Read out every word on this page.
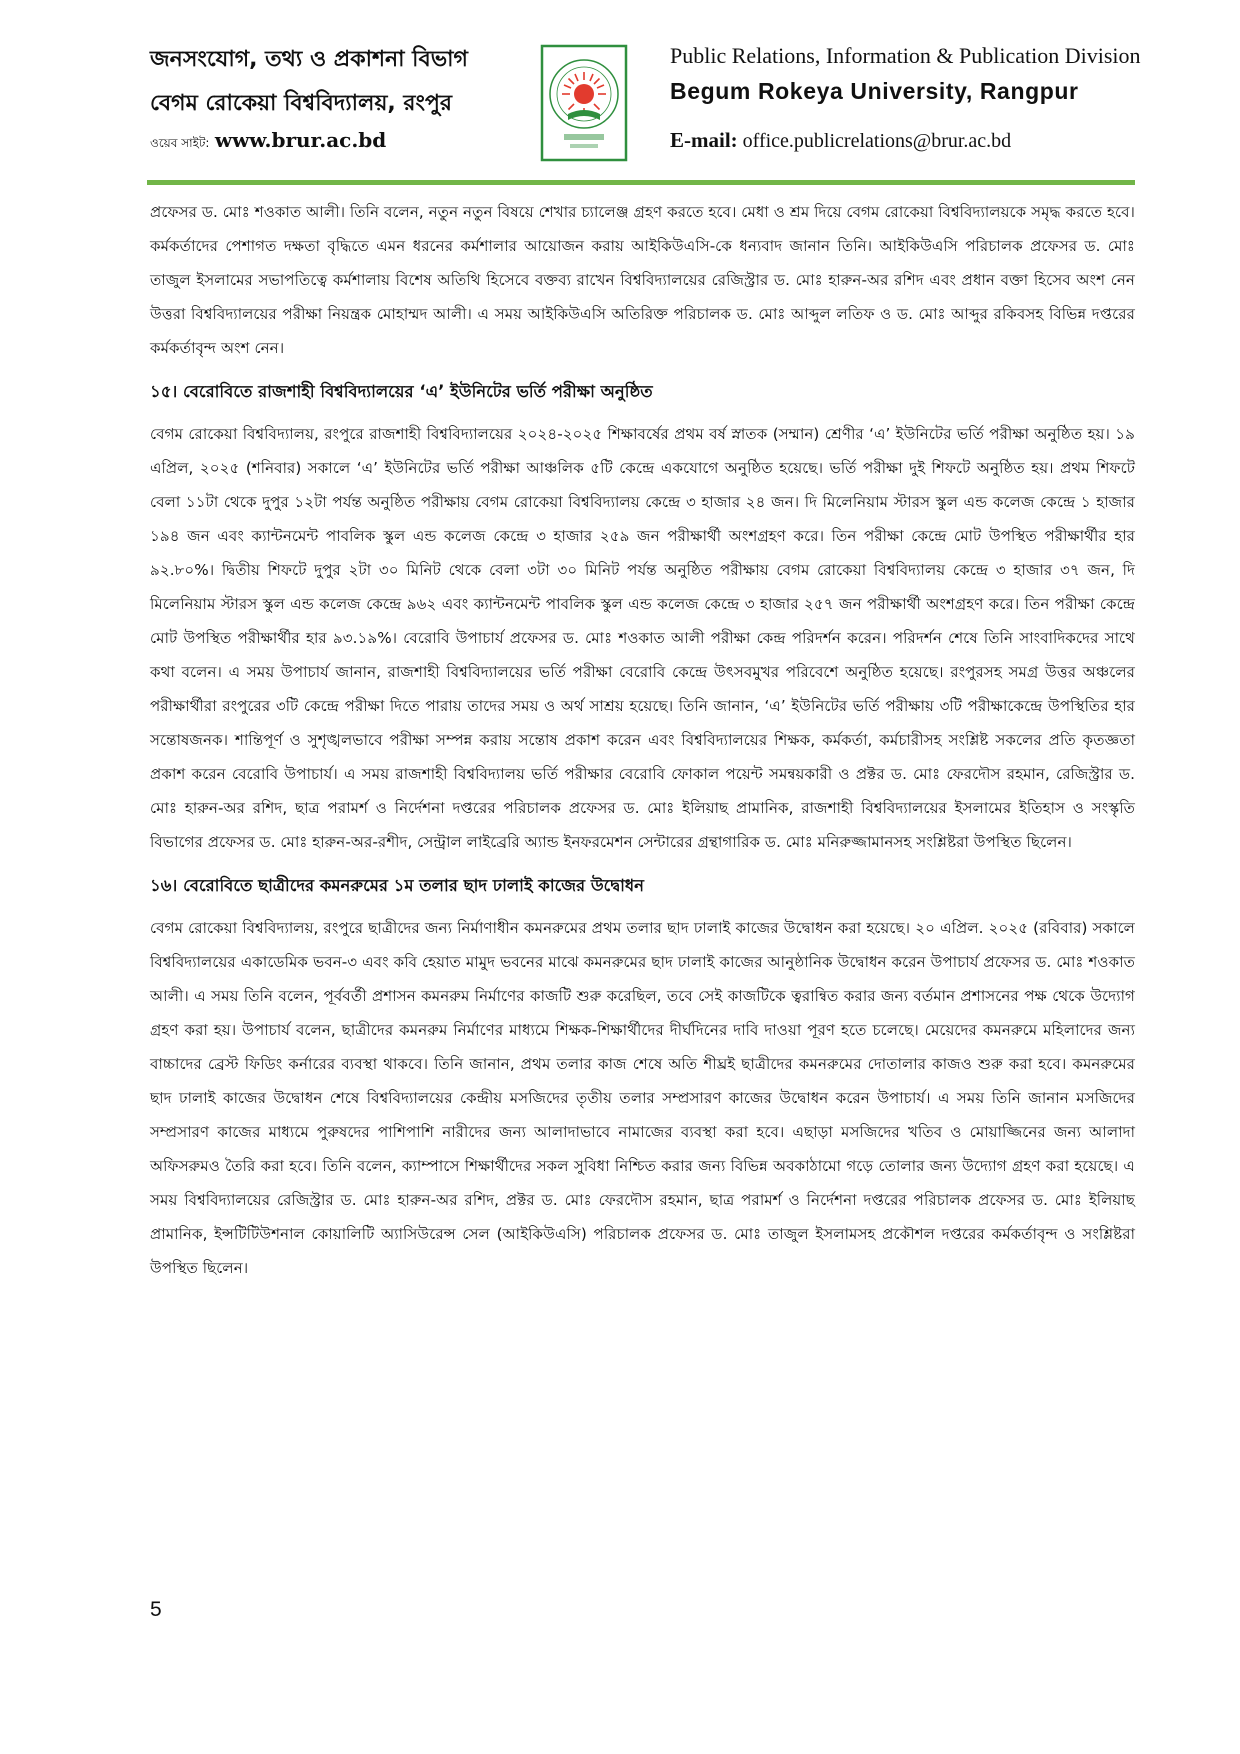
জনসংযোগ, তথ্য ও প্রকাশনা বিভাগ
বেগম রোকেয়া বিশ্ববিদ্যালয়, রংপুর
ওয়েব সাইট: www.brur.ac.bd
Public Relations, Information & Publication Division
Begum Rokeya University, Rangpur
E-mail: office.publicrelations@brur.ac.bd

প্রফেসর ড. মোঃ শওকাত আলী। তিনি বলেন, নতুন নতুন বিষয়ে শেখার চ্যালেঞ্জ গ্রহণ করতে হবে। মেধা ও শ্রম দিয়ে বেগম রোকেয়া বিশ্ববিদ্যালয়কে সমৃদ্ধ করতে হবে। কর্মকর্তাদের পেশাগত দক্ষতা বৃদ্ধিতে এমন ধরনের কর্মশালার আয়োজন করায় আইকিউএসি-কে ধন্যবাদ জানান তিনি। আইকিউএসি পরিচালক প্রফেসর ড. মোঃ তাজুল ইসলামের সভাপতিত্বে কর্মশালায় বিশেষ অতিথি হিসেবে বক্তব্য রাখেন বিশ্ববিদ্যালয়ের রেজিস্ট্রার ড. মোঃ হারুন-অর রশিদ এবং প্রধান বক্তা হিসেব অংশ নেন উত্তরা বিশ্ববিদ্যালয়ের পরীক্ষা নিয়ন্ত্রক মোহাম্মদ আলী। এ সময় আইকিউএসি অতিরিক্ত পরিচালক ড. মোঃ আব্দুল লতিফ ও ড. মোঃ আব্দুর রকিবসহ বিভিন্ন দপ্তরের কর্মকর্তাবৃন্দ অংশ নেন।

১৫। বেরোবিতে রাজশাহী বিশ্ববিদ্যালয়ের ‘এ’ ইউনিটের ভর্তি পরীক্ষা অনুষ্ঠিত

বেগম রোকেয়া বিশ্ববিদ্যালয়, রংপুরে রাজশাহী বিশ্ববিদ্যালয়ের ২০২৪-২০২৫ শিক্ষাবর্ষের প্রথম বর্ষ স্নাতক (সম্মান) শ্রেণীর ‘এ’ ইউনিটের ভর্তি পরীক্ষা অনুষ্ঠিত হয়। ১৯ এপ্রিল, ২০২৫ (শনিবার) সকালে ‘এ’ ইউনিটের ভর্তি পরীক্ষা আঞ্চলিক ৫টি কেন্দ্রে একযোগে অনুষ্ঠিত হয়েছে। ভর্তি পরীক্ষা দুই শিফটে অনুষ্ঠিত হয়। প্রথম শিফটে বেলা ১১টা থেকে দুপুর ১২টা পর্যন্ত অনুষ্ঠিত পরীক্ষায় বেগম রোকেয়া বিশ্ববিদ্যালয় কেন্দ্রে ৩ হাজার ২৪ জন। দি মিলেনিয়াম স্টারস স্কুল এন্ড কলেজ কেন্দ্রে ১ হাজার ১৯৪ জন এবং ক্যান্টনমেন্ট পাবলিক স্কুল এন্ড কলেজ কেন্দ্রে ৩ হাজার ২৫৯ জন পরীক্ষার্থী অংশগ্রহণ করে। তিন পরীক্ষা কেন্দ্রে মোট উপস্থিত পরীক্ষার্থীর হার ৯২.৮০%। দ্বিতীয় শিফটে দুপুর ২টা ৩০ মিনিট থেকে বেলা ৩টা ৩০ মিনিট পর্যন্ত অনুষ্ঠিত পরীক্ষায় বেগম রোকেয়া বিশ্ববিদ্যালয় কেন্দ্রে ৩ হাজার ৩৭ জন, দি মিলেনিয়াম স্টারস স্কুল এন্ড কলেজ কেন্দ্রে ৯৬২ এবং ক্যান্টনমেন্ট পাবলিক স্কুল এন্ড কলেজ কেন্দ্রে ৩ হাজার ২৫৭ জন পরীক্ষার্থী অংশগ্রহণ করে। তিন পরীক্ষা কেন্দ্রে মোট উপস্থিত পরীক্ষার্থীর হার ৯৩.১৯%। বেরোবি উপাচার্য প্রফেসর ড. মোঃ শওকাত আলী পরীক্ষা কেন্দ্র পরিদর্শন করেন। পরিদর্শন শেষে তিনি সাংবাদিকদের সাথে কথা বলেন। এ সময় উপাচার্য জানান, রাজশাহী বিশ্ববিদ্যালয়ের ভর্তি পরীক্ষা বেরোবি কেন্দ্রে উৎসবমুখর পরিবেশে অনুষ্ঠিত হয়েছে। রংপুরসহ সমগ্র উত্তর অঞ্চলের পরীক্ষার্থীরা রংপুরের ৩টি কেন্দ্রে পরীক্ষা দিতে পারায় তাদের সময় ও অর্থ সাশ্রয় হয়েছে। তিনি জানান, ‘এ’ ইউনিটের ভর্তি পরীক্ষায় ৩টি পরীক্ষাকেন্দ্রে উপস্থিতির হার সন্তোষজনক। শান্তিপূর্ণ ও সুশৃঙ্খলভাবে পরীক্ষা সম্পন্ন করায় সন্তোষ প্রকাশ করেন এবং বিশ্ববিদ্যালয়ের শিক্ষক, কর্মকর্তা, কর্মচারীসহ সংশ্লিষ্ট সকলের প্রতি কৃতজ্ঞতা প্রকাশ করেন বেরোবি উপাচার্য। এ সময় রাজশাহী বিশ্ববিদ্যালয় ভর্তি পরীক্ষার বেরোবি ফোকাল পয়েন্ট সমন্বয়কারী ও প্রক্টর ড. মোঃ ফেরদৌস রহমান, রেজিস্ট্রার ড. মোঃ হারুন-অর রশিদ, ছাত্র পরামর্শ ও নির্দেশনা দপ্তরের পরিচালক প্রফেসর ড. মোঃ ইলিয়াছ প্রামানিক, রাজশাহী বিশ্ববিদ্যালয়ের ইসলামের ইতিহাস ও সংস্কৃতি বিভাগের প্রফেসর ড. মোঃ হারুন-অর-রশীদ, সেন্ট্রাল লাইব্রেরি অ্যান্ড ইনফরমেশন সেন্টারের গ্রন্থাগারিক ড. মোঃ মনিরুজ্জামানসহ সংশ্লিষ্টরা উপস্থিত ছিলেন।

১৬। বেরোবিতে ছাত্রীদের কমনরুমের ১ম তলার ছাদ ঢালাই কাজের উদ্বোধন

বেগম রোকেয়া বিশ্ববিদ্যালয়, রংপুরে ছাত্রীদের জন্য নির্মাণাধীন কমনরুমের প্রথম তলার ছাদ ঢালাই কাজের উদ্বোধন করা হয়েছে। ২০ এপ্রিল. ২০২৫ (রবিবার) সকালে বিশ্ববিদ্যালয়ের একাডেমিক ভবন-৩ এবং কবি হেয়াত মামুদ ভবনের মাঝে কমনরুমের ছাদ ঢালাই কাজের আনুষ্ঠানিক উদ্বোধন করেন উপাচার্য প্রফেসর ড. মোঃ শওকাত আলী। এ সময় তিনি বলেন, পূর্ববর্তী প্রশাসন কমনরুম নির্মাণের কাজটি শুরু করেছিল, তবে সেই কাজটিকে ত্বরান্বিত করার জন্য বর্তমান প্রশাসনের পক্ষ থেকে উদ্যোগ গ্রহণ করা হয়। উপাচার্য বলেন, ছাত্রীদের কমনরুম নির্মাণের মাধ্যমে শিক্ষক-শিক্ষার্থীদের দীর্ঘদিনের দাবি দাওয়া পূরণ হতে চলেছে। মেয়েদের কমনরুমে মহিলাদের জন্য বাচ্চাদের ব্রেস্ট ফিডিং কর্নারের ব্যবস্থা থাকবে। তিনি জানান, প্রথম তলার কাজ শেষে অতি শীঘ্রই ছাত্রীদের কমনরুমের দোতালার কাজও শুরু করা হবে। কমনরুমের ছাদ ঢালাই কাজের উদ্বোধন শেষে বিশ্ববিদ্যালয়ের কেন্দ্রীয় মসজিদের তৃতীয় তলার সম্প্রসারণ কাজের উদ্বোধন করেন উপাচার্য। এ সময় তিনি জানান মসজিদের সম্প্রসারণ কাজের মাধ্যমে পুরুষদের পাশিপাশি নারীদের জন্য আলাদাভাবে নামাজের ব্যবস্থা করা হবে। এছাড়া মসজিদের খতিব ও মোয়াজ্জিনের জন্য আলাদা অফিসরুমও তৈরি করা হবে। তিনি বলেন, ক্যাম্পাসে শিক্ষার্থীদের সকল সুবিধা নিশ্চিত করার জন্য বিভিন্ন অবকাঠামো গড়ে তোলার জন্য উদ্যোগ গ্রহণ করা হয়েছে। এ সময় বিশ্ববিদ্যালয়ের রেজিস্ট্রার ড. মোঃ হারুন-অর রশিদ, প্রক্টর ড. মোঃ ফেরদৌস রহমান, ছাত্র পরামর্শ ও নির্দেশনা দপ্তরের পরিচালক প্রফেসর ড. মোঃ ইলিয়াছ প্রামানিক, ইন্সটিটিউশনাল কোয়ালিটি অ্যাসিউরেন্স সেল (আইকিউএসি) পরিচালক প্রফেসর ড. মোঃ তাজুল ইসলামসহ প্রকৌশল দপ্তরের কর্মকর্তাবৃন্দ ও সংশ্লিষ্টরা উপস্থিত ছিলেন।

5
